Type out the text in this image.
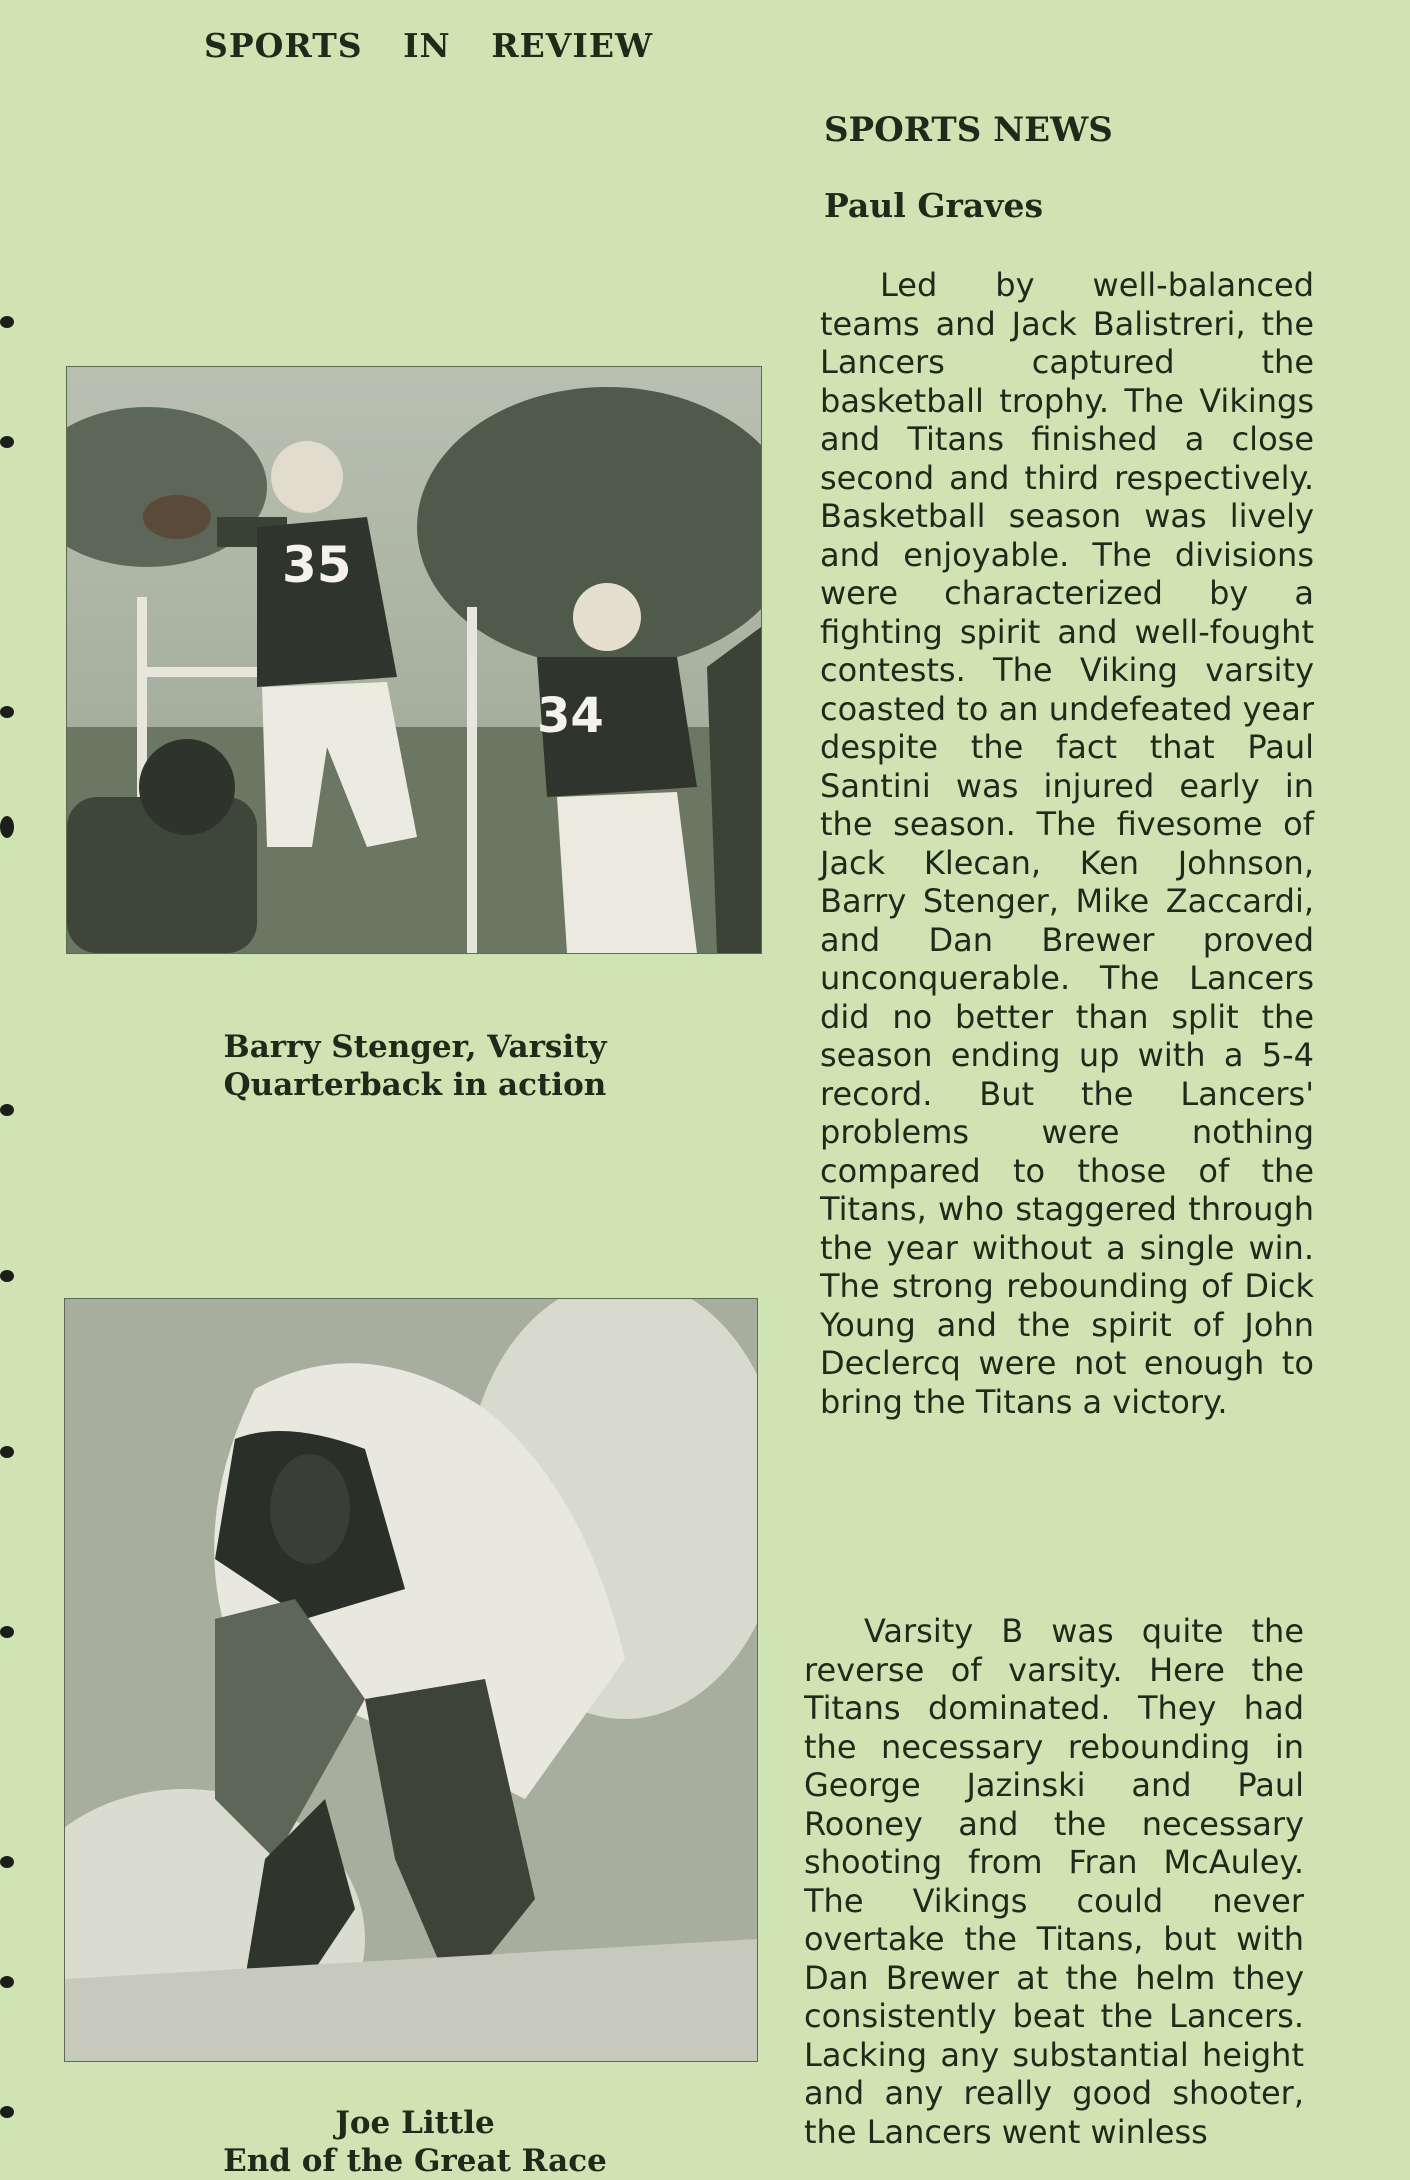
SPORTS IN REVIEW
35
34
Barry Stenger, Varsity
Quarterback in action
Joe Little
End of the Great Race
SPORTS NEWS
Paul Graves

Led by well-balanced teams and Jack Balistreri, the Lancers captured the basketball trophy. The Vikings and Titans finished a close second and third respectively. Basketball season was lively and enjoyable. The divisions were characterized by a fighting spirit and well-fought contests. The Viking varsity coasted to an undefeated year despite the fact that Paul Santini was injured early in the season. The fivesome of Jack Klecan, Ken Johnson, Barry Stenger, Mike Zaccardi, and Dan Brewer proved unconquerable. The Lancers did no better than split the season ending up with a 5-4 record. But the Lancers' problems were nothing compared to those of the Titans, who staggered through the year without a single win. The strong rebounding of Dick Young and the spirit of John Declercq were not enough to bring the Titans a victory.

Varsity B was quite the reverse of varsity. Here the Titans dominated. They had the necessary rebounding in George Jazinski and Paul Rooney and the necessary shooting from Fran McAuley. The Vikings could never overtake the Titans, but with Dan Brewer at the helm they consistently beat the Lancers. Lacking any substantial height and any really good shooter, the Lancers went winless
